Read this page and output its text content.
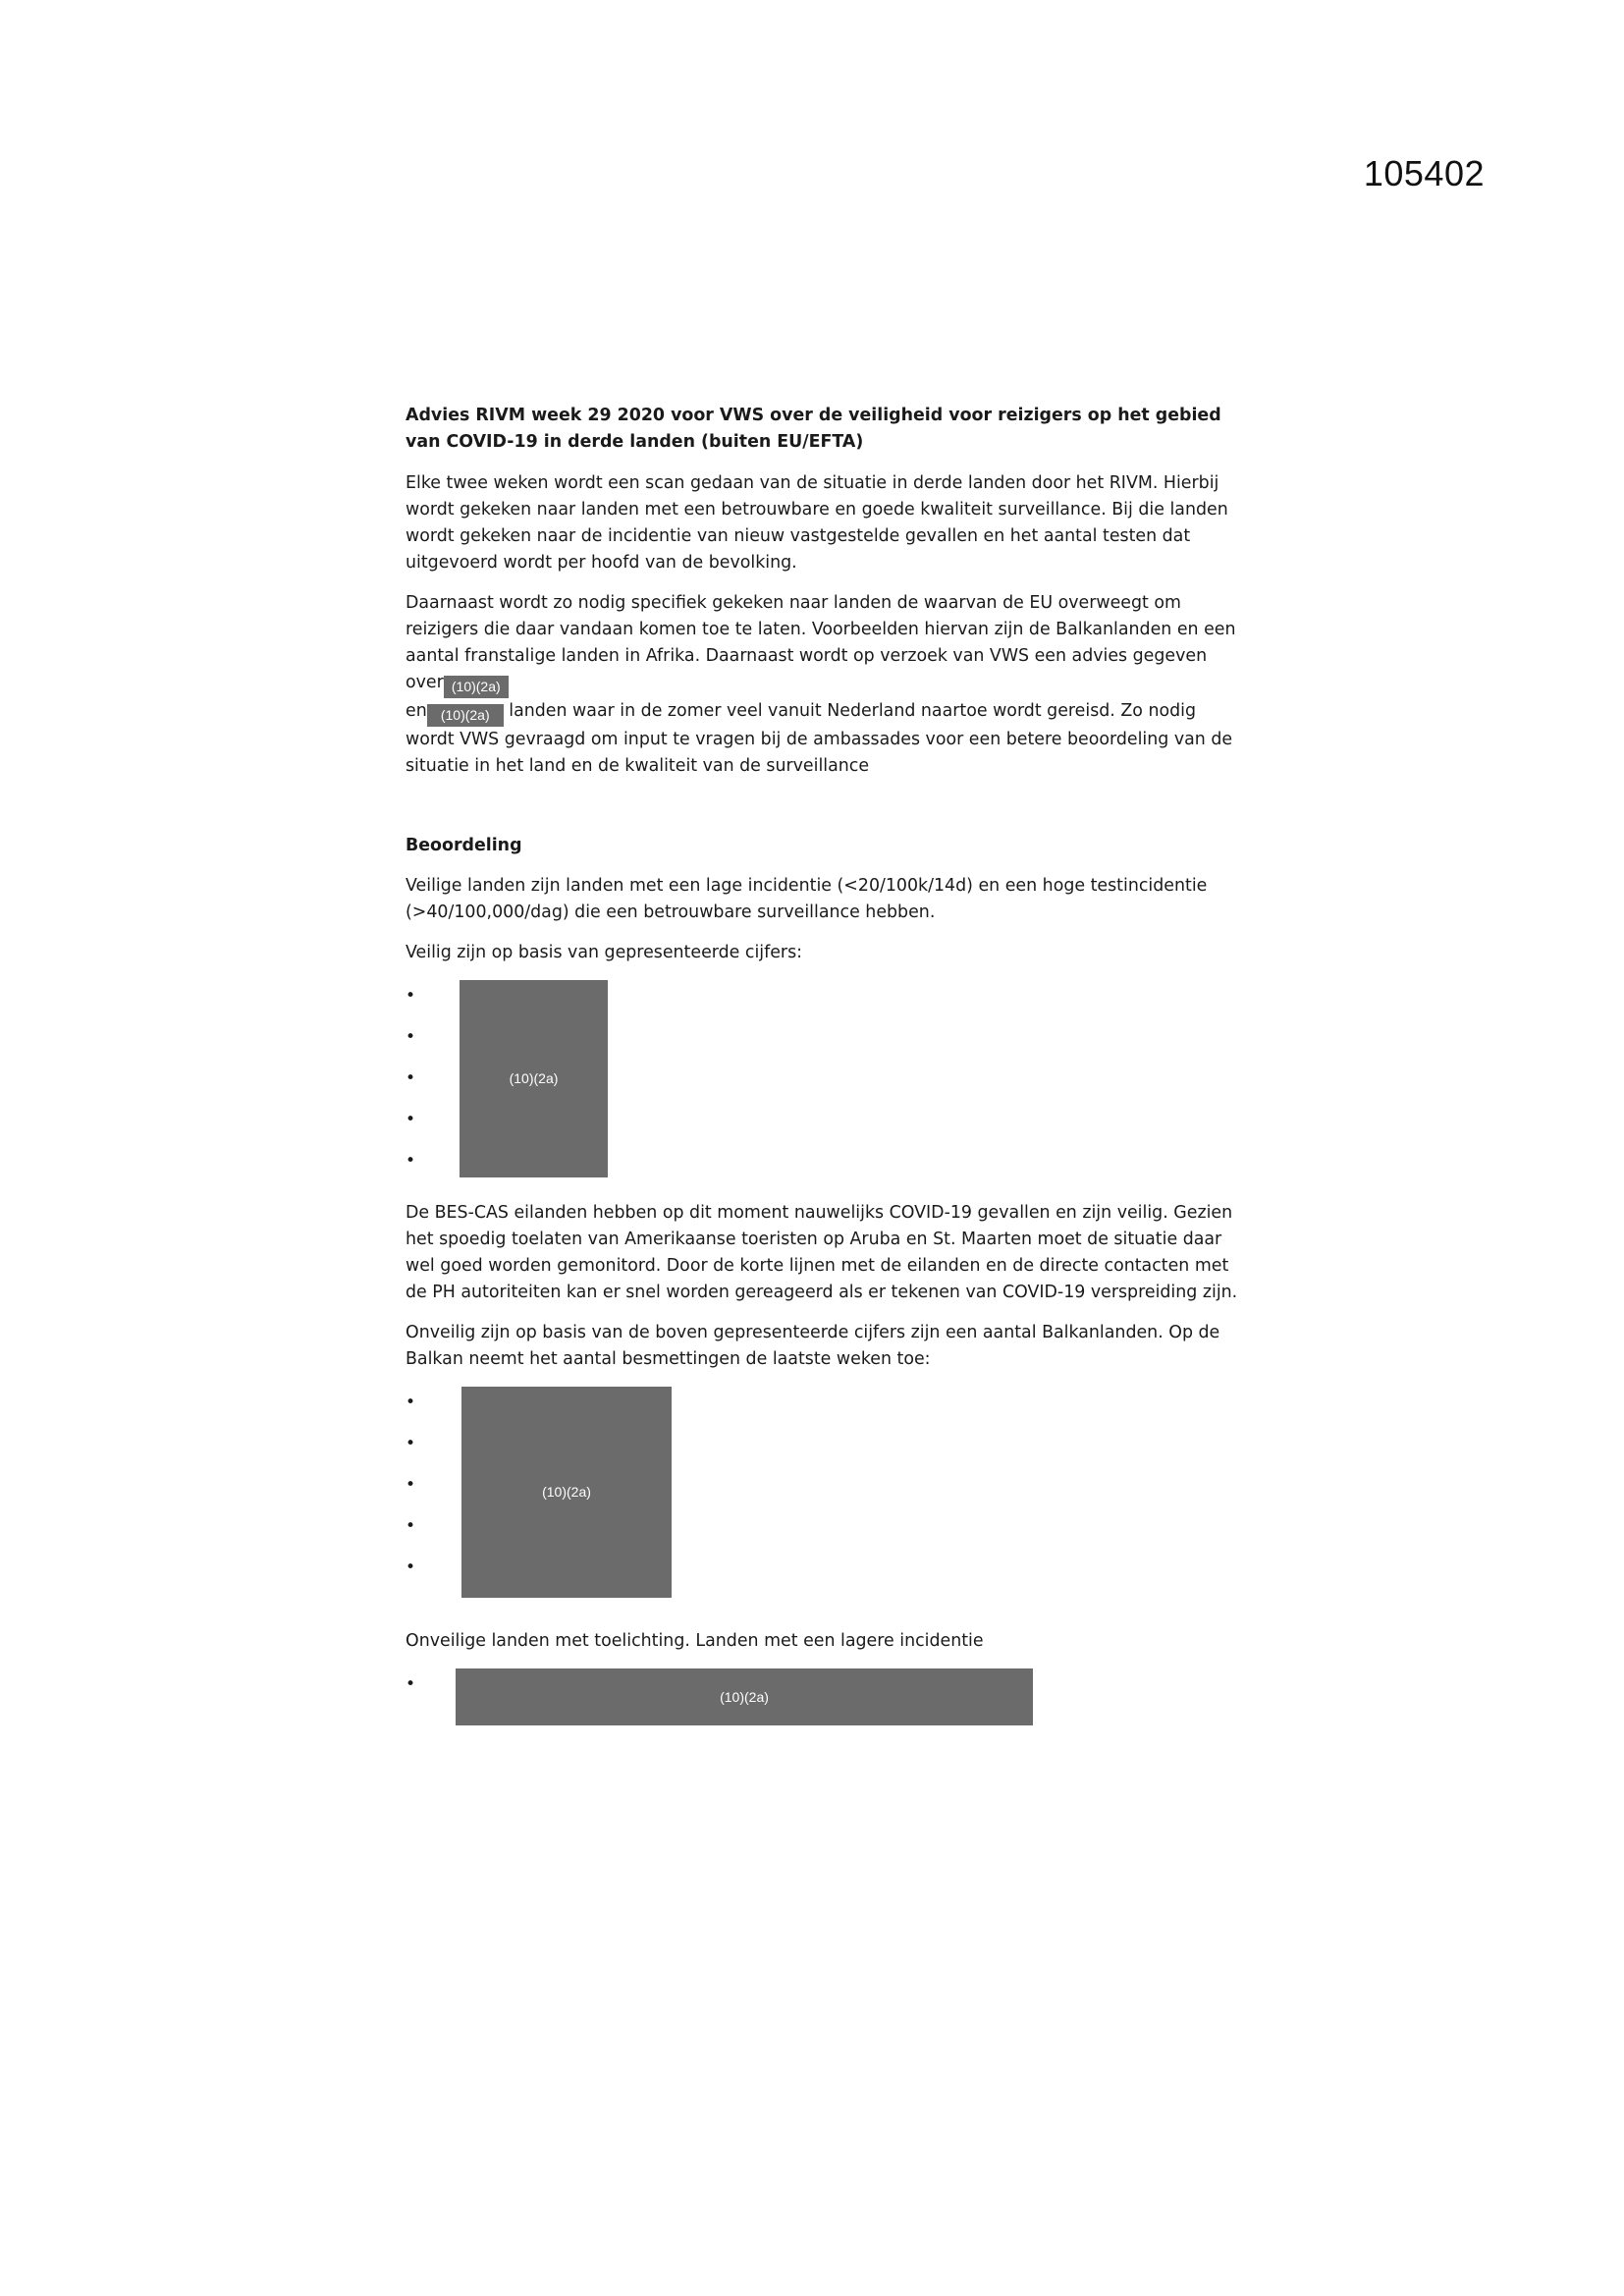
105402
Advies RIVM week 29 2020 voor VWS over de veiligheid voor reizigers op het gebied van COVID-19 in derde landen (buiten EU/EFTA)

Elke twee weken wordt een scan gedaan van de situatie in derde landen door het RIVM. Hierbij wordt gekeken naar landen met een betrouwbare en goede kwaliteit surveillance. Bij die landen wordt gekeken naar de incidentie van nieuw vastgestelde gevallen en het aantal testen dat uitgevoerd wordt per hoofd van de bevolking.

Daarnaast wordt zo nodig specifiek gekeken naar landen de waarvan de EU overweegt om reizigers die daar vandaan komen toe te laten. Voorbeelden hiervan zijn de Balkanlanden en een aantal franstalige landen in Afrika. Daarnaast wordt op verzoek van VWS een advies gegeven over (10)(2a)
en (10)(2a) landen waar in de zomer veel vanuit Nederland naartoe wordt gereisd. Zo nodig wordt VWS gevraagd om input te vragen bij de ambassades voor een betere beoordeling van de situatie in het land en de kwaliteit van de surveillance

Beoordeling

Veilige landen zijn landen met een lage incidentie (<20/100k/14d) en een hoge testincidentie (>40/100,000/dag) die een betrouwbare surveillance hebben.

Veilig zijn op basis van gepresenteerde cijfers:

•
•
•
•
•
(10)(2a)

De BES-CAS eilanden hebben op dit moment nauwelijks COVID-19 gevallen en zijn veilig. Gezien het spoedig toelaten van Amerikaanse toeristen op Aruba en St. Maarten moet de situatie daar wel goed worden gemonitord. Door de korte lijnen met de eilanden en de directe contacten met de PH autoriteiten kan er snel worden gereageerd als er tekenen van COVID-19 verspreiding zijn.

Onveilig zijn op basis van de boven gepresenteerde cijfers zijn een aantal Balkanlanden. Op de Balkan neemt het aantal besmettingen de laatste weken toe:

•
•
•
•
•
(10)(2a)

Onveilige landen met toelichting. Landen met een lagere incidentie

•
(10)(2a)
